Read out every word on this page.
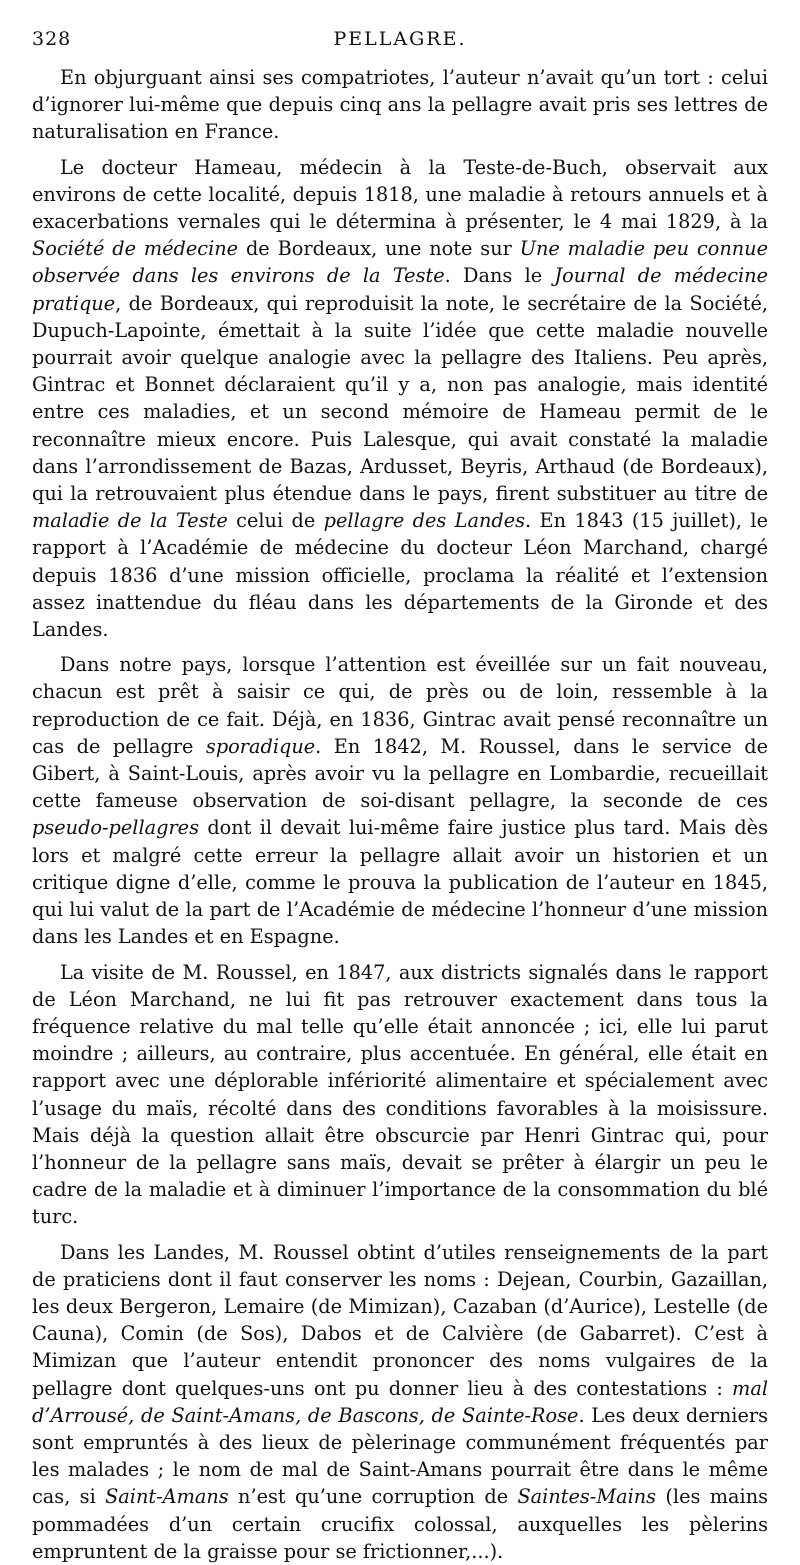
328	PELLAGRE.

En objurguant ainsi ses compatriotes, l’auteur n’avait qu’un tort : celui d’ignorer lui-même que depuis cinq ans la pellagre avait pris ses lettres de naturalisation en France.

Le docteur Hameau, médecin à la Teste-de-Buch, observait aux environs de cette localité, depuis 1818, une maladie à retours annuels et à exacerbations vernales qui le détermina à présenter, le 4 mai 1829, à la Société de médecine de Bordeaux, une note sur Une maladie peu connue observée dans les environs de la Teste. Dans le Journal de médecine pratique, de Bordeaux, qui reproduisit la note, le secrétaire de la Société, Dupuch-Lapointe, émettait à la suite l’idée que cette maladie nouvelle pourrait avoir quelque analogie avec la pellagre des Italiens. Peu après, Gintrac et Bonnet déclaraient qu’il y a, non pas analogie, mais identité entre ces maladies, et un second mémoire de Hameau permit de le reconnaître mieux encore. Puis Lalesque, qui avait constaté la maladie dans l’arrondissement de Bazas, Ardusset, Beyris, Arthaud (de Bordeaux), qui la retrouvaient plus étendue dans le pays, firent substituer au titre de maladie de la Teste celui de pellagre des Landes. En 1843 (15 juillet), le rapport à l’Académie de médecine du docteur Léon Marchand, chargé depuis 1836 d’une mission officielle, proclama la réalité et l’extension assez inattendue du fléau dans les départements de la Gironde et des Landes.

Dans notre pays, lorsque l’attention est éveillée sur un fait nouveau, chacun est prêt à saisir ce qui, de près ou de loin, ressemble à la reproduction de ce fait. Déjà, en 1836, Gintrac avait pensé reconnaître un cas de pellagre sporadique. En 1842, M. Roussel, dans le service de Gibert, à Saint-Louis, après avoir vu la pellagre en Lombardie, recueillait cette fameuse observation de soi-disant pellagre, la seconde de ces pseudo-pellagres dont il devait lui-même faire justice plus tard. Mais dès lors et malgré cette erreur la pellagre allait avoir un historien et un critique digne d’elle, comme le prouva la publication de l’auteur en 1845, qui lui valut de la part de l’Académie de médecine l’honneur d’une mission dans les Landes et en Espagne.

La visite de M. Roussel, en 1847, aux districts signalés dans le rapport de Léon Marchand, ne lui fit pas retrouver exactement dans tous la fréquence relative du mal telle qu’elle était annoncée ; ici, elle lui parut moindre ; ailleurs, au contraire, plus accentuée. En général, elle était en rapport avec une déplorable infériorité alimentaire et spécialement avec l’usage du maïs, récolté dans des conditions favorables à la moisissure. Mais déjà la question allait être obscurcie par Henri Gintrac qui, pour l’honneur de la pellagre sans maïs, devait se prêter à élargir un peu le cadre de la maladie et à diminuer l’importance de la consommation du blé turc.

Dans les Landes, M. Roussel obtint d’utiles renseignements de la part de praticiens dont il faut conserver les noms : Dejean, Courbin, Gazaillan, les deux Bergeron, Lemaire (de Mimizan), Cazaban (d’Aurice), Lestelle (de Cauna), Comin (de Sos), Dabos et de Calvière (de Gabarret). C’est à Mimizan que l’auteur entendit prononcer des noms vulgaires de la pellagre dont quelques-uns ont pu donner lieu à des contestations : mal d’Arrousé, de Saint-Amans, de Bascons, de Sainte-Rose. Les deux derniers sont empruntés à des lieux de pèlerinage communément fréquentés par les malades ; le nom de mal de Saint-Amans pourrait être dans le même cas, si Saint-Amans n’est qu’une corruption de Saintes-Mains (les mains pommadées d’un certain crucifix colossal, auxquelles les pèlerins empruntent de la graisse pour se frictionner,...).
